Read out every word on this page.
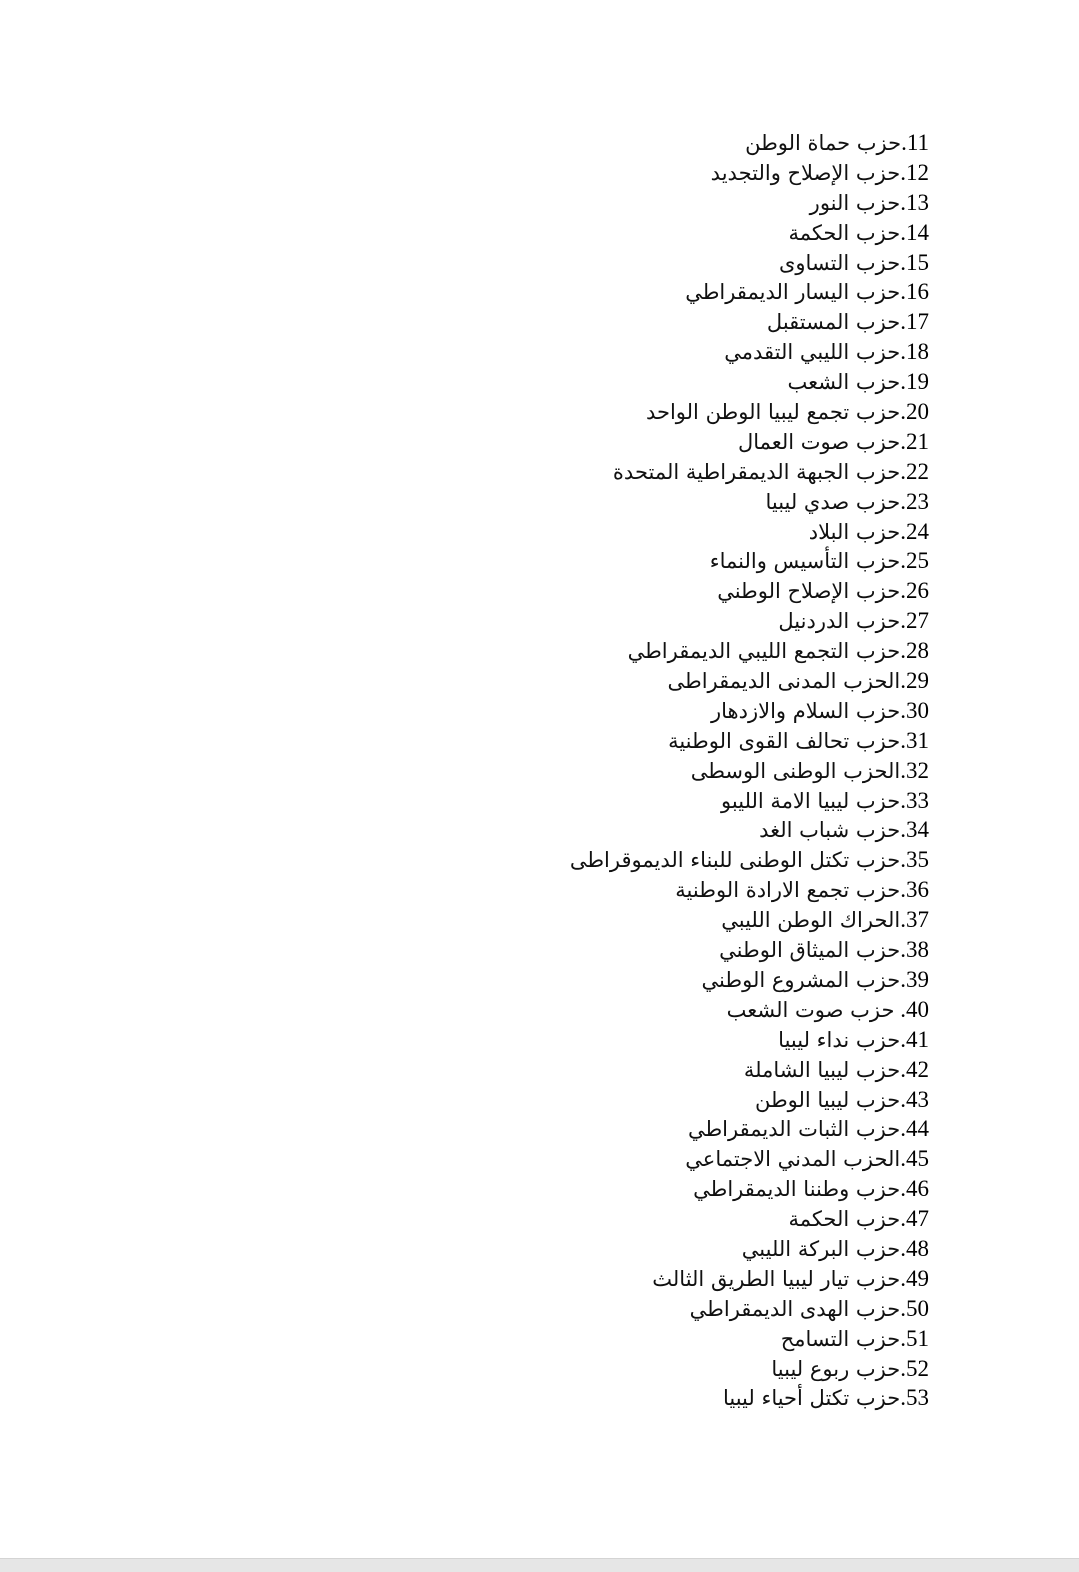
11.حزب حماة الوطن
12.حزب الإصلاح والتجديد
13.حزب النور
14.حزب الحكمة
15.حزب التساوى
16.حزب اليسار الديمقراطي
17.حزب المستقبل
18.حزب الليبي التقدمي
19.حزب الشعب
20.حزب تجمع ليبيا الوطن الواحد
21.حزب صوت العمال
22.حزب الجبهة الديمقراطية المتحدة
23.حزب صدي ليبيا
24.حزب البلاد
25.حزب التأسيس والنماء
26.حزب الإصلاح الوطني
27.حزب الدردنيل
28.حزب التجمع الليبي الديمقراطي
29.الحزب المدنى الديمقراطى
30.حزب السلام والازدهار
31.حزب تحالف القوى الوطنية
32.الحزب الوطنى الوسطى
33.حزب ليبيا الامة الليبو
34.حزب شباب الغد
35.حزب تكتل الوطنى للبناء الديموقراطى
36.حزب تجمع الارادة الوطنية
37.الحراك الوطن الليبي
38.حزب الميثاق الوطني
39.حزب المشروع الوطني
40. حزب صوت الشعب
41.حزب نداء ليبيا
42.حزب ليبيا الشاملة
43.حزب ليبيا الوطن
44.حزب الثبات الديمقراطي
45.الحزب المدني الاجتماعي
46.حزب وطننا الديمقراطي
47.حزب الحكمة
48.حزب البركة الليبي
49.حزب تيار ليبيا الطريق الثالث
50.حزب الهدى الديمقراطي
51.حزب التسامح
52.حزب ربوع ليبيا
53.حزب تكتل أحياء ليبيا
